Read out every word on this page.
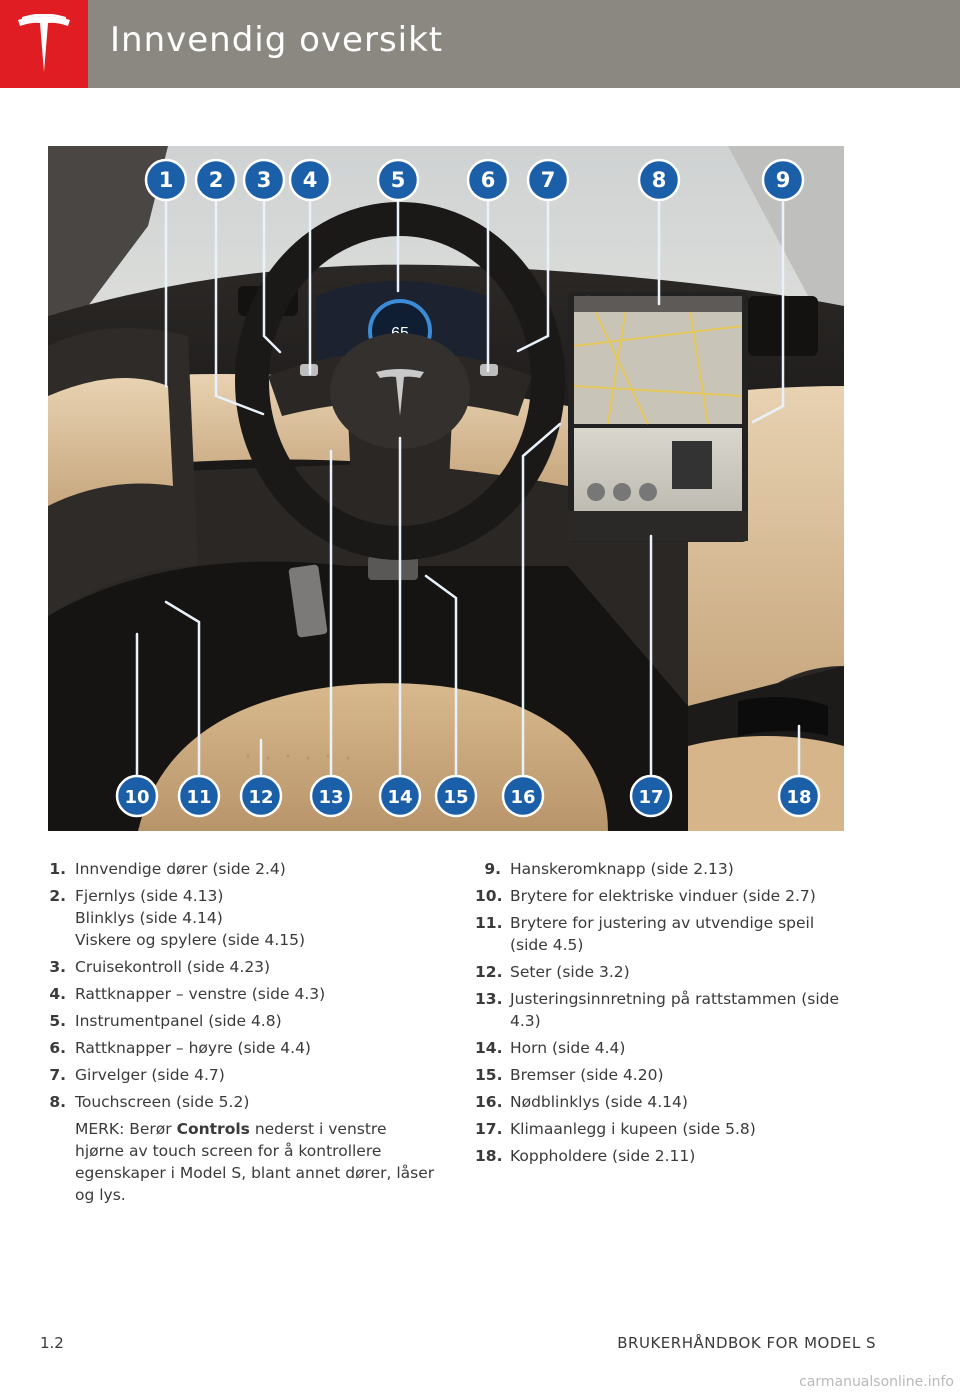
Innvendig oversikt
1 2 3 4	5	6 7	8	9
10 11 12 13 14 15 16	17	18
1. Innvendige dører (side 2.4)
2. Fjernlys (side 4.13)
Blinklys (side 4.14)
Viskere og spylere (side 4.15)
3. Cruisekontroll (side 4.23)
4. Rattknapper – venstre (side 4.3)
5. Instrumentpanel (side 4.8)
6. Rattknapper – høyre (side 4.4)
7. Girvelger (side 4.7)
8. Touchscreen (side 5.2)
MERK: Berør Controls nederst i venstre hjørne av touch screen for å kontrollere egenskaper i Model S, blant annet dører, låser og lys.
9. Hanskeromknapp (side 2.13)
10. Brytere for elektriske vinduer (side 2.7)
11. Brytere for justering av utvendige speil (side 4.5)
12. Seter (side 3.2)
13. Justeringsinnretning på rattstammen (side 4.3)
14. Horn (side 4.4)
15. Bremser (side 4.20)
16. Nødblinklys (side 4.14)
17. Klimaanlegg i kupeen (side 5.8)
18. Koppholdere (side 2.11)
1.2	BRUKERHÅNDBOK FOR MODEL S
carmanualsonline.info
